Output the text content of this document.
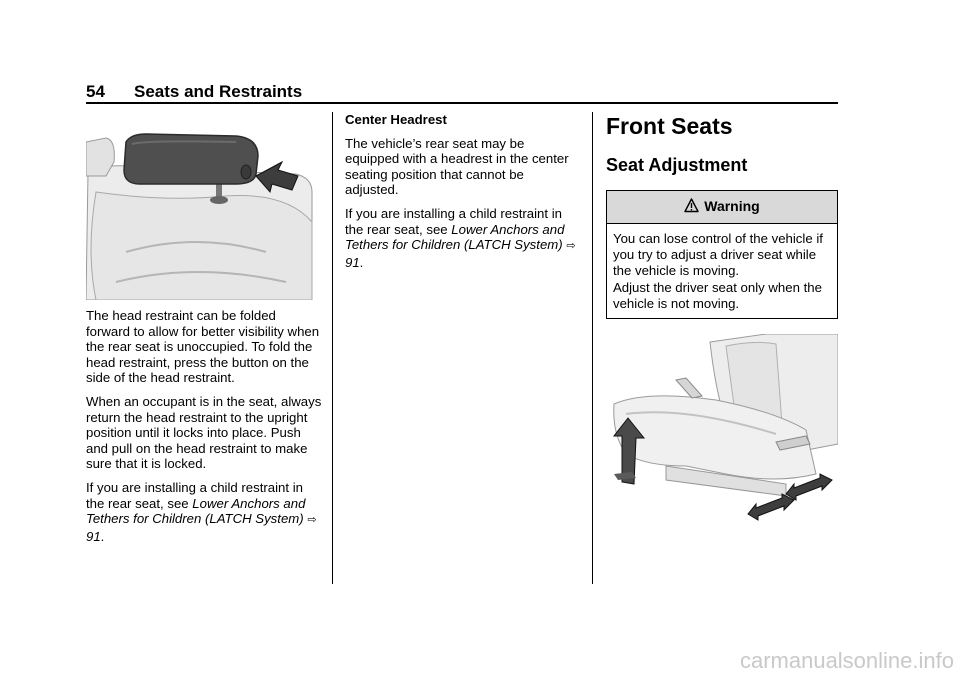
54 Seats and Restraints

The head restraint can be folded forward to allow for better visibility when the rear seat is unoccupied. To fold the head restraint, press the button on the side of the head restraint.

When an occupant is in the seat, always return the head restraint to the upright position until it locks into place. Push and pull on the head restraint to make sure that it is locked.

If you are installing a child restraint in the rear seat, see Lower Anchors and Tethers for Children (LATCH System) ⇨ 91.

Center Headrest

The vehicle’s rear seat may be equipped with a headrest in the center seating position that cannot be adjusted.

If you are installing a child restraint in the rear seat, see Lower Anchors and Tethers for Children (LATCH System) ⇨ 91.

Front Seats
Seat Adjustment
Warning
You can lose control of the vehicle if you try to adjust a driver seat while the vehicle is moving.
Adjust the driver seat only when the vehicle is not moving.
carmanualsonline.info
